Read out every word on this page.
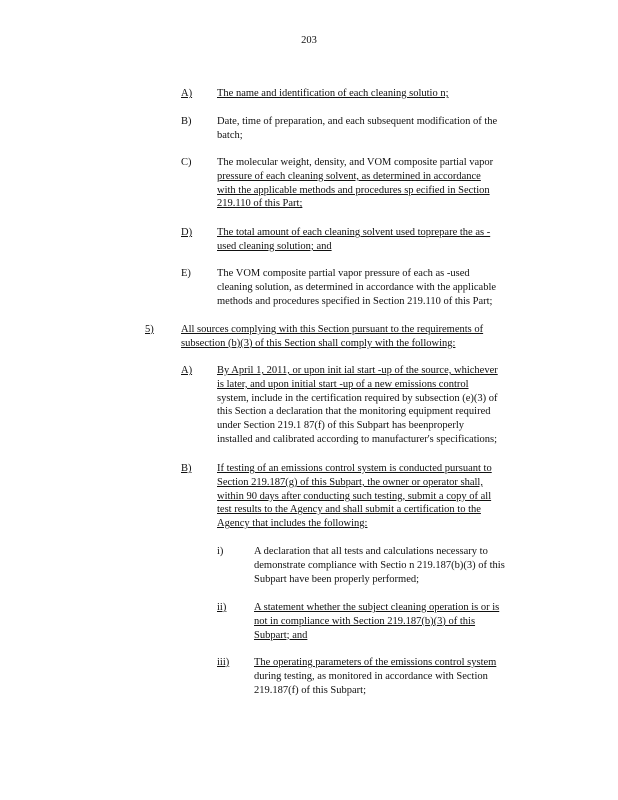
203
A) The name and identification of each cleaning solutio n;
B) Date, time of preparation, and each subsequent modification of the
batch;
C) The molecular weight, density, and VOM composite partial vapor
pressure of each cleaning solvent, as determined in accordance
with the applicable methods and procedures sp ecified in Section
219.110 of this Part;
D) The total amount of each cleaning solvent used toprepare the as -
used cleaning solution; and
E) The VOM composite partial vapor pressure of each as -used
cleaning solution, as determined in accordance with the applicable
methods and procedures specified in Section 219.110 of this Part;
5)	All sources complying with this Section pursuant to the requirements of
subsection (b)(3) of this Section shall comply with the following:
A) By April 1, 2011, or upon init ial start -up of the source, whichever
is later, and upon initial start -up of a new emissions control
system, include in the certification required by subsection (e)(3) of
this Section a declaration that the monitoring equipment required
under Section 219.1 87(f) of this Subpart has beenproperly
installed and calibrated according to manufacturer's specifications;
B) If testing of an emissions control system is conducted pursuant to
Section 219.187(g) of this Subpart, the owner or operator shall,
within 90 days after conducting such testing, submit a copy of all
test results to the Agency and shall submit a certification to the
Agency that includes the following:
i)	A declaration that all tests and calculations necessary to
demonstrate compliance with Sectio n 219.187(b)(3) of this
Subpart have been properly performed;
ii)	A statement whether the subject cleaning operation is or is
not in compliance with Section 219.187(b)(3) of this
Subpart; and
iii) The operating parameters of the emissions control system
during testing, as monitored in accordance with Section
219.187(f) of this Subpart;
